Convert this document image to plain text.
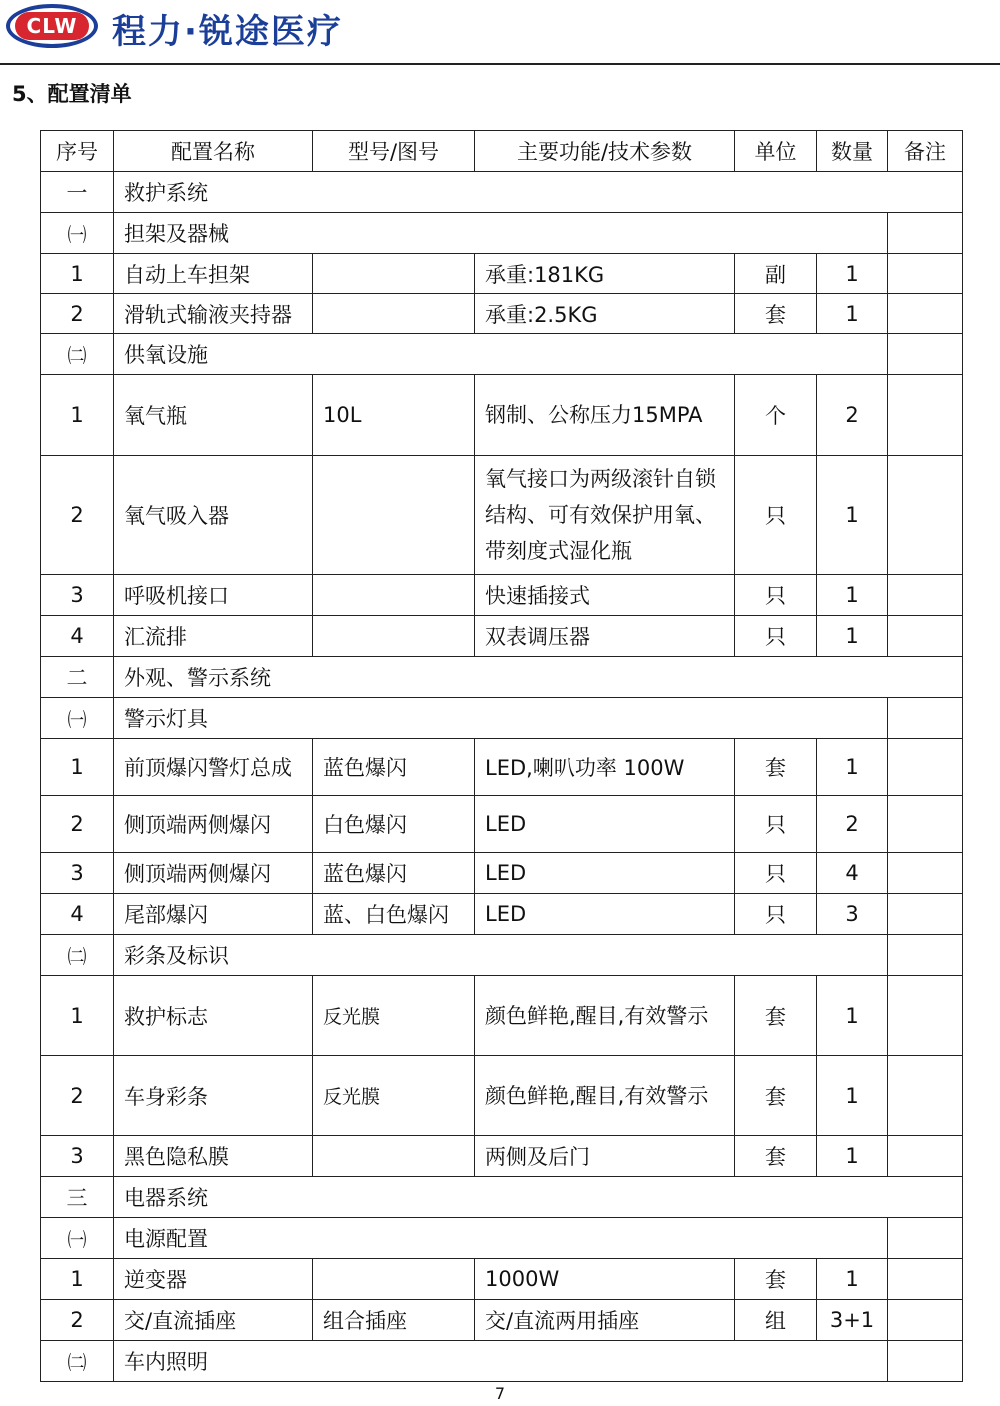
CLW	程力·锐途医疗
5、配置清单
序号	配置名称	型号/图号	主要功能/技术参数	单位	数量	备注
一	救护系统					
㈠	担架及器械					
1	自动上车担架		承重:181KG	副	1	
2	滑轨式输液夹持器		承重:2.5KG	套	1	
㈡	供氧设施					
1	氧气瓶	10L	钢制、公称压力15MPA	个	2	
2	氧气吸入器		氧气接口为两级滚针自锁结构、可有效保护用氧、带刻度式湿化瓶	只	1	
3	呼吸机接口		快速插接式	只	1	
4	汇流排		双表调压器	只	1	
二	外观、警示系统					
㈠	警示灯具					
1	前顶爆闪警灯总成	蓝色爆闪	LED,喇叭功率 100W	套	1	
2	侧顶端两侧爆闪	白色爆闪	LED	只	2	
3	侧顶端两侧爆闪	蓝色爆闪	LED	只	4	
4	尾部爆闪	蓝、白色爆闪	LED	只	3	
㈡	彩条及标识					
1	救护标志	反光膜	颜色鲜艳,醒目,有效警示	套	1	
2	车身彩条	反光膜	颜色鲜艳,醒目,有效警示	套	1	
3	黑色隐私膜		两侧及后门	套	1	
三	电器系统					
㈠	电源配置					
1	逆变器		1000W	套	1	
2	交/直流插座	组合插座	交/直流两用插座	组	3+1	
㈡	车内照明					
7
